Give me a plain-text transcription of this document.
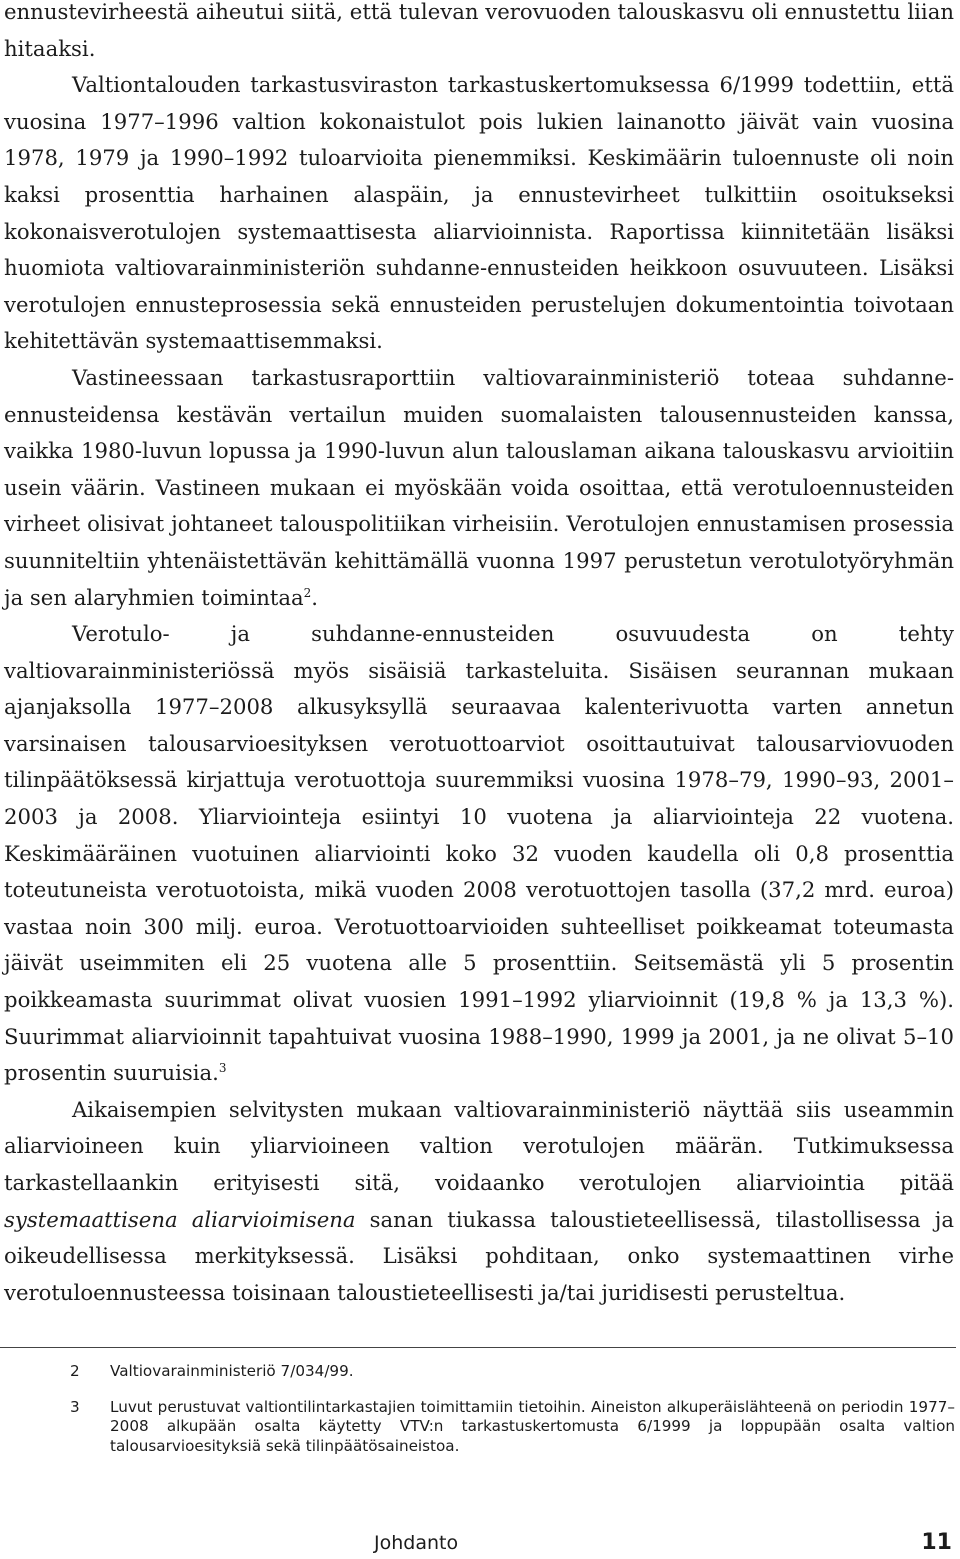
ennustevirheestä aiheutui siitä, että tulevan verovuoden talouskasvu oli ennustettu liian hitaaksi.

Valtiontalouden tarkastusviraston tarkastuskertomuksessa 6/1999 todettiin, että vuosina 1977–1996 valtion kokonaistulot pois lukien lainanotto jäivät vain vuosina 1978, 1979 ja 1990–1992 tuloarvioita pienemmiksi. Keskimäärin tuloennuste oli noin kaksi prosenttia harhainen alaspäin, ja ennustevirheet tulkittiin osoitukseksi kokonaisverotulojen systemaattisesta aliarvioinnista. Raportissa kiinnitetään lisäksi huomiota valtiovarainministeriön suhdanne-ennusteiden heikkoon osuvuuteen. Lisäksi verotulojen ennusteprosessia sekä ennusteiden perustelujen dokumentointia toivotaan kehitettävän systemaattisemmaksi.

Vastineessaan tarkastusraporttiin valtiovarainministeriö toteaa suhdanne-ennusteidensa kestävän vertailun muiden suomalaisten talousennusteiden kanssa, vaikka 1980-luvun lopussa ja 1990-luvun alun talouslaman aikana talouskasvu arvioitiin usein väärin. Vastineen mukaan ei myöskään voida osoittaa, että verotuloennusteiden virheet olisivat johtaneet talouspolitiikan virheisiin. Verotulojen ennustamisen prosessia suunniteltiin yhtenäistettävän kehittämällä vuonna 1997 perustetun verotulotyöryhmän ja sen alaryhmien toimintaa$^2$.

Verotulo- ja suhdanne-ennusteiden osuvuudesta on tehty valtiovarainministeriössä myös sisäisiä tarkasteluita. Sisäisen seurannan mukaan ajanjaksolla 1977–2008 alkusyksyllä seuraavaa kalenterivuotta varten annetun varsinaisen talousarvioesityksen verotuottoarviot osoittautuivat talousarviovuoden tilinpäätöksessä kirjattuja verotuottoja suuremmiksi vuosina 1978–79, 1990–93, 2001–2003 ja 2008. Yliarviointeja esiintyi 10 vuotena ja aliarviointeja 22 vuotena. Keskimääräinen vuotuinen aliarviointi koko 32 vuoden kaudella oli 0,8 prosenttia toteutuneista verotuotoista, mikä vuoden 2008 verotuottojen tasolla (37,2 mrd. euroa) vastaa noin 300 milj. euroa. Verotuottoarvioiden suhteelliset poikkeamat toteumasta jäivät useimmiten eli 25 vuotena alle 5 prosenttiin. Seitsemästä yli 5 prosentin poikkeamasta suurimmat olivat vuosien 1991–1992 yliarvioinnit (19,8 % ja 13,3 %). Suurimmat aliarvioinnit tapahtuivat vuosina 1988–1990, 1999 ja 2001, ja ne olivat 5–10 prosentin suuruisia.$^3$

Aikaisempien selvitysten mukaan valtiovarainministeriö näyttää siis useammin aliarvioineen kuin yliarvioineen valtion verotulojen määrän. Tutkimuksessa tarkastellaankin erityisesti sitä, voidaanko verotulojen aliarviointia pitää systemaattisena aliarvioimisena sanan tiukassa taloustieteellisessä, tilastollisessa ja oikeudellisessa merkityksessä. Lisäksi pohditaan, onko systemaattinen virhe verotuloennusteessa toisinaan taloustieteellisesti ja/tai juridisesti perusteltua.

2 Valtiovarainministeriö 7/034/99.
3 Luvut perustuvat valtiontilintarkastajien toimittamiin tietoihin. Aineiston alkuperäislähteenä on periodin 1977–2008 alkupään osalta käytetty VTV:n tarkastuskertomusta 6/1999 ja loppupään osalta valtion talousarvioesityksiä sekä tilinpäätösaineistoa.
Johdanto	11
